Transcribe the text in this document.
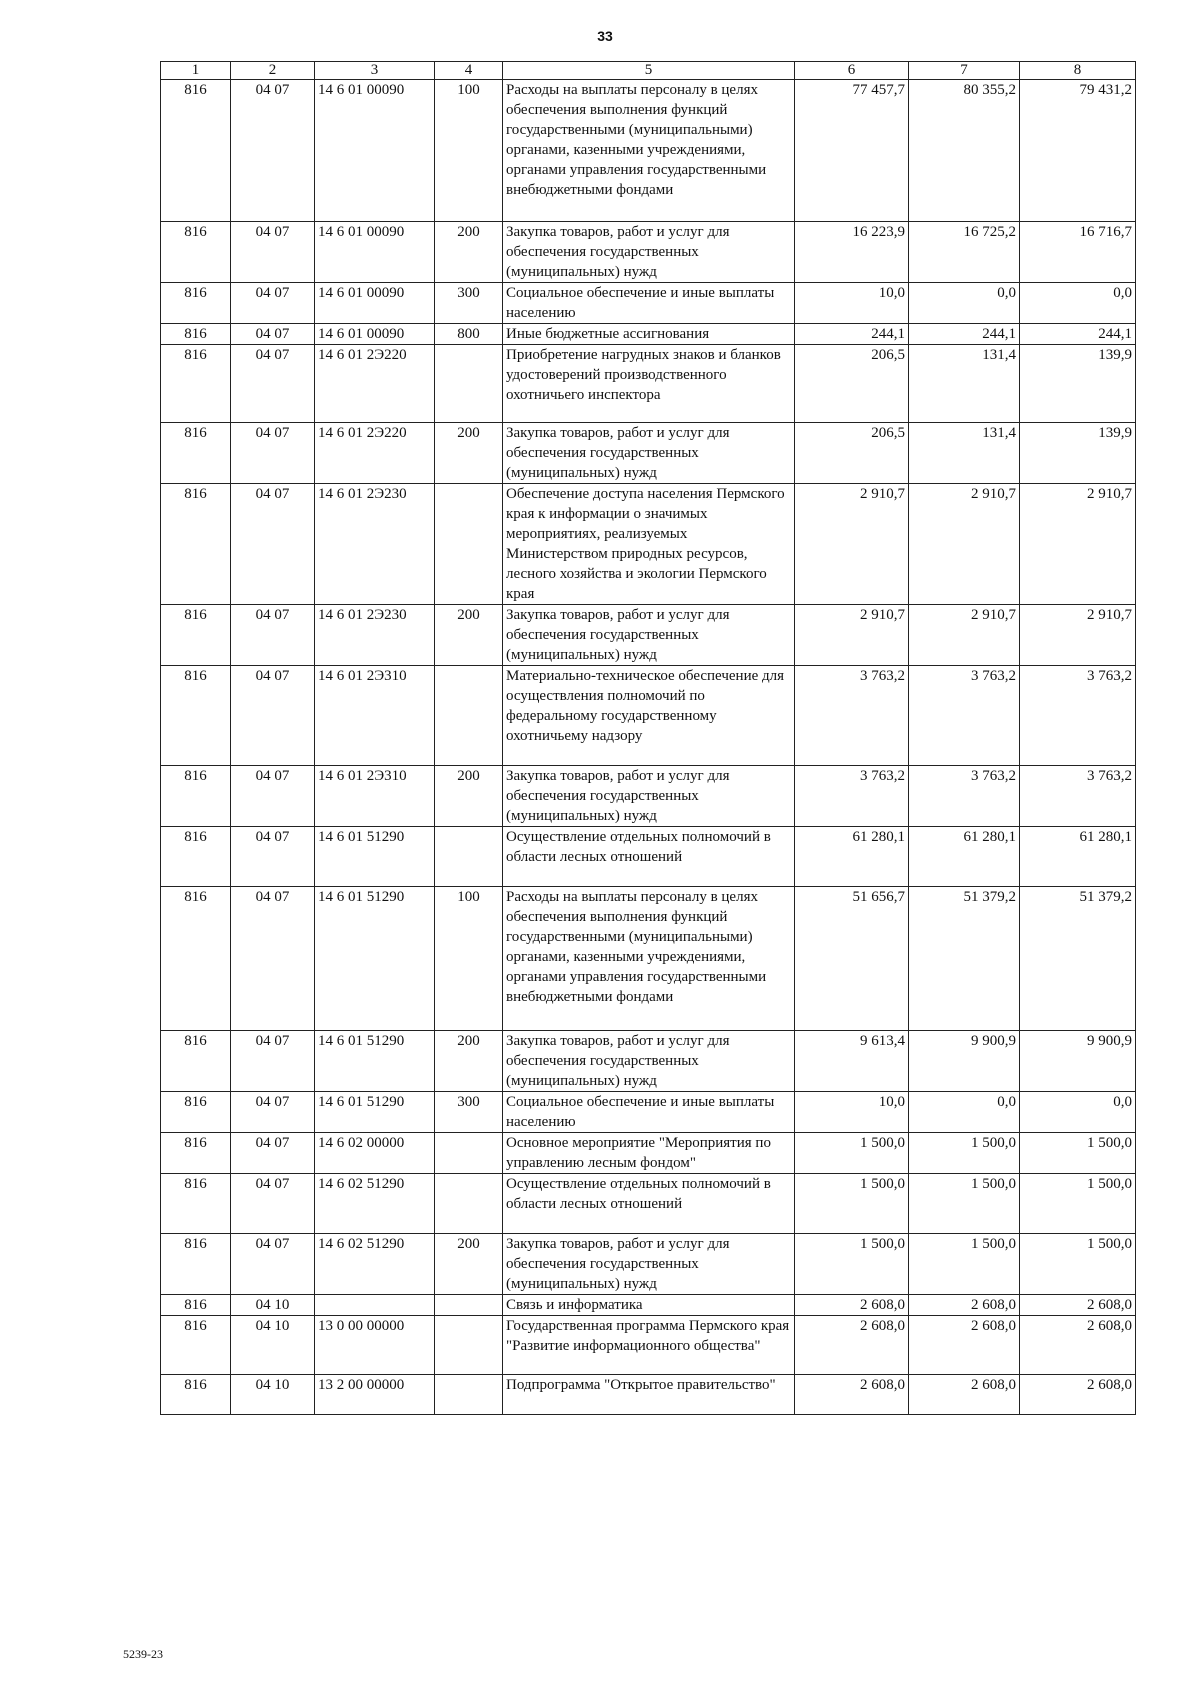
33
1	2	3	4	5	6	7	8
816	04 07	14 6 01 00090	100	Расходы на выплаты персоналу в целях обеспечения выполнения функций государственными (муниципальными) органами, казенными учреждениями, органами управления государственными внебюджетными фондами	77 457,7	80 355,2	79 431,2
816	04 07	14 6 01 00090	200	Закупка товаров, работ и услуг для обеспечения государственных (муниципальных) нужд	16 223,9	16 725,2	16 716,7
816	04 07	14 6 01 00090	300	Социальное обеспечение и иные выплаты населению	10,0	0,0	0,0
816	04 07	14 6 01 00090	800	Иные бюджетные ассигнования	244,1	244,1	244,1
816	04 07	14 6 01 2Э220		Приобретение нагрудных знаков и бланков удостоверений производственного охотничьего инспектора	206,5	131,4	139,9
816	04 07	14 6 01 2Э220	200	Закупка товаров, работ и услуг для обеспечения государственных (муниципальных) нужд	206,5	131,4	139,9
816	04 07	14 6 01 2Э230		Обеспечение доступа населения Пермского края к информации о значимых мероприятиях, реализуемых Министерством природных ресурсов, лесного хозяйства и экологии Пермского края	2 910,7	2 910,7	2 910,7
816	04 07	14 6 01 2Э230	200	Закупка товаров, работ и услуг для обеспечения государственных (муниципальных) нужд	2 910,7	2 910,7	2 910,7
816	04 07	14 6 01 2Э310		Материально-техническое обеспечение для осуществления полномочий по федеральному государственному охотничьему надзору	3 763,2	3 763,2	3 763,2
816	04 07	14 6 01 2Э310	200	Закупка товаров, работ и услуг для обеспечения государственных (муниципальных) нужд	3 763,2	3 763,2	3 763,2
816	04 07	14 6 01 51290		Осуществление отдельных полномочий в области лесных отношений	61 280,1	61 280,1	61 280,1
816	04 07	14 6 01 51290	100	Расходы на выплаты персоналу в целях обеспечения выполнения функций государственными (муниципальными) органами, казенными учреждениями, органами управления государственными внебюджетными фондами	51 656,7	51 379,2	51 379,2
816	04 07	14 6 01 51290	200	Закупка товаров, работ и услуг для обеспечения государственных (муниципальных) нужд	9 613,4	9 900,9	9 900,9
816	04 07	14 6 01 51290	300	Социальное обеспечение и иные выплаты населению	10,0	0,0	0,0
816	04 07	14 6 02 00000		Основное мероприятие "Мероприятия по управлению лесным фондом"	1 500,0	1 500,0	1 500,0
816	04 07	14 6 02 51290		Осуществление отдельных полномочий в области лесных отношений	1 500,0	1 500,0	1 500,0
816	04 07	14 6 02 51290	200	Закупка товаров, работ и услуг для обеспечения государственных (муниципальных) нужд	1 500,0	1 500,0	1 500,0
816	04 10			Связь и информатика	2 608,0	2 608,0	2 608,0
816	04 10	13 0 00 00000		Государственная программа Пермского края "Развитие информационного общества"	2 608,0	2 608,0	2 608,0
816	04 10	13 2 00 00000		Подпрограмма "Открытое правительство"	2 608,0	2 608,0	2 608,0
5239-23
